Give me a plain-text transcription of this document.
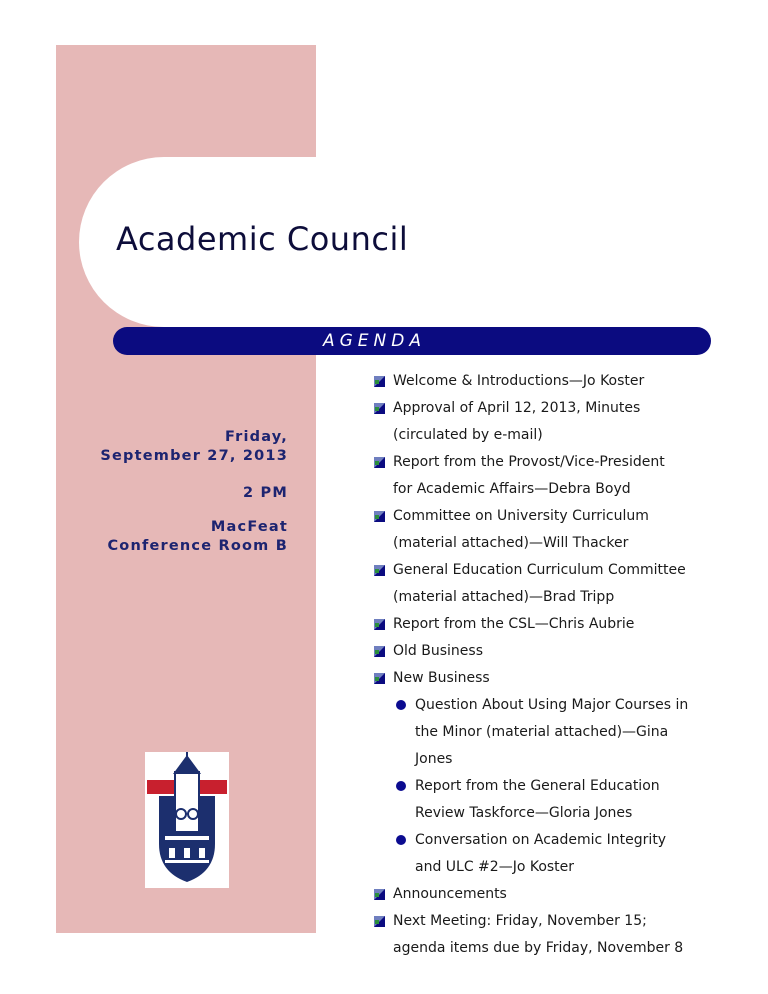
Academic Council
AGENDA
Friday,
September 27, 2013
2 PM
MacFeat
Conference Room B
Welcome & Introductions—Jo Koster
Approval of April 12, 2013, Minutes
(circulated by e-mail)
Report from the Provost/Vice-President
for Academic Affairs—Debra Boyd
Committee on University Curriculum
(material attached)—Will Thacker
General Education Curriculum Committee
(material attached)—Brad Tripp
Report from the CSL—Chris Aubrie
Old Business
New Business
Question About Using Major Courses in
the Minor (material attached)—Gina
Jones
Report from the General Education
Review Taskforce—Gloria Jones
Conversation on Academic Integrity
and ULC #2—Jo Koster
Announcements
Next Meeting: Friday, November 15;
agenda items due by Friday, November 8
